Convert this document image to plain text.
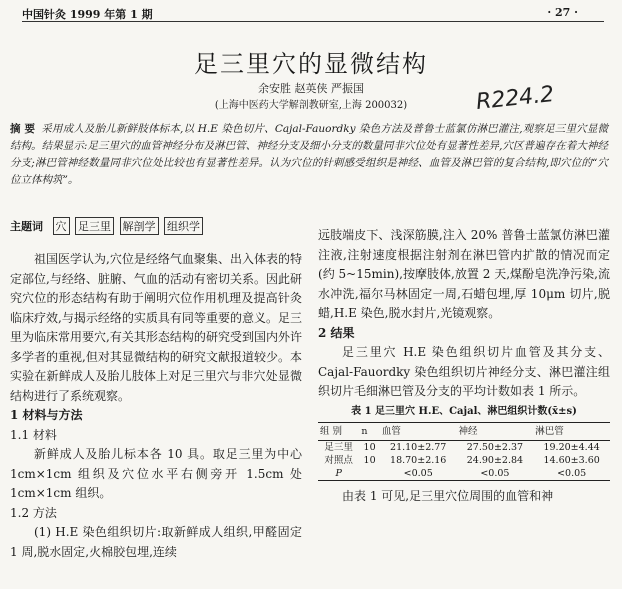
中国针灸 1999 年第 1 期	· 27 ·
足三里穴的显微结构
余安胜 赵英侠 严振国
(上海中医药大学解剖教研室,上海 200032)	R224.2
摘 要 采用成人及胎儿新鲜肢体标本,以 H.E 染色切片、Cajal-Fauordky 染色方法及普鲁士蓝氯仿淋巴灌注,观察足三里穴显微结构。结果显示:足三里穴的血管神经分布及淋巴管、神经分支及细小分支的数量同非穴位处有显著性差异,穴区普遍存在着大神经分支;淋巴管神经数量同非穴位处比较也有显著性差异。认为穴位的针刺感受组织是神经、血管及淋巴管的复合结构,即穴位的“穴位立体构筑”。
主题词 穴 足三里 解剖学 组织学

祖国医学认为,穴位是经络气血聚集、出入体表的特定部位,与经络、脏腑、气血的活动有密切关系。因此研究穴位的形态结构有助于阐明穴位作用机理及提高针灸临床疗效,与揭示经络的实质具有同等重要的意义。足三里为临床常用要穴,有关其形态结构的研究受到国内外许多学者的重视,但对其显微结构的研究文献报道较少。本实验在新鲜成人及胎儿肢体上对足三里穴与非穴处显微结构进行了系统观察。

1 材料与方法

1.1 材料

新鲜成人及胎儿标本各 10 具。取足三里为中心 1cm×1cm 组织及穴位水平右侧旁开 1.5cm 处 1cm×1cm 组织。

1.2 方法

(1) H.E 染色组织切片:取新鲜成人组织,甲醛固定 1 周,脱水固定,火棉胶包埋,连续

远肢端皮下、浅深筋膜,注入 20% 普鲁士蓝氯仿淋巴灌注液,注射速度根据注射剂在淋巴管内扩散的情况而定(约 5~15min),按摩肢体,放置 2 天,煤酚皂洗净污染,流水冲洗,福尔马林固定一周,石蜡包埋,厚 10μm 切片,脱蜡,H.E 染色,脱水封片,光镜观察。

2 结果

足三里穴 H.E 染色组织切片血管及其分支、Cajal-Fauordky 染色组织切片神经分支、淋巴灌注组织切片毛细淋巴管及分支的平均计数如表 1 所示。

表 1 足三里穴 H.E、Cajal、淋巴组织计数(x̄±s)
组 别	n	血管	神经	淋巴管
足三里	10	21.10±2.77	27.50±2.37	19.20±4.44
对照点	10	18.70±2.16	24.90±2.84	14.60±3.60
P		<0.05	<0.05	<0.05

由表 1 可见,足三里穴位周围的血管和神
